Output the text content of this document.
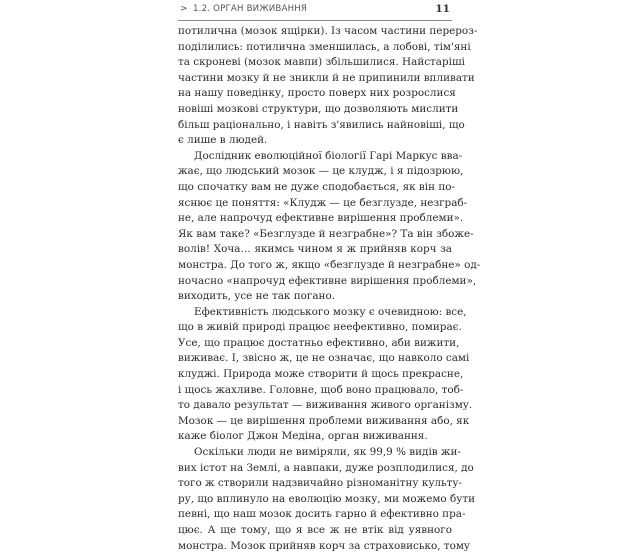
> 1.2. ОРГАН ВИЖИВАННЯ	11

потилична (мозок ящірки). Із часом частини перероз-
поділились: потилична зменшилась, а лобові, тім'яні
та скроневі (мозок мавпи) збільшилися. Найстаріші
частини мозку й не зникли й не припинили впливати
на нашу поведінку, просто поверх них розрослися
новіші мозкові структури, що дозволяють мислити
більш раціонально, і навіть з'явились найновіші, що
є лише в людей.

Дослідник еволюційної біології Гарі Маркус вва-
жає, що людський мозок — це клудж, і я підозрюю,
що спочатку вам не дуже сподобається, як він по-
яснює це поняття: «Клудж — це безглузде, незграб-
не, але напрочуд ефективне вирішення проблеми».
Як вам таке? «Безглузде й незграбне»? Та він збоже-
волів! Хоча… якимсь чином я ж прийняв корч за
монстра. До того ж, якщо «безглузде й незграбне» од-
ночасно «напрочуд ефективне вирішення проблеми»,
виходить, усе не так погано.

Ефективність людського мозку є очевидною: все,
що в живій природі працює неефективно, помирає.
Усе, що працює достатньо ефективно, аби вижити,
виживає. І, звісно ж, це не означає, що навколо самі
клуджі. Природа може створити й щось прекрасне,
і щось жахливе. Головне, щоб воно працювало, тоб-
то давало результат — виживання живого організму.
Мозок — це вирішення проблеми виживання або, як
каже біолог Джон Медіна, орган виживання.

Оскільки люди не виміряли, як 99,9 % видів жи-
вих істот на Землі, а навпаки, дуже розплодилися, до
того ж створили надзвичайно різноманітну культу-
ру, що вплинуло на еволюцію мозку, ми можемо бути
певні, що наш мозок досить гарно й ефективно пра-
цює. А ще тому, що я все ж не втік від уявного
монстра. Мозок прийняв корч за страховисько, тому
